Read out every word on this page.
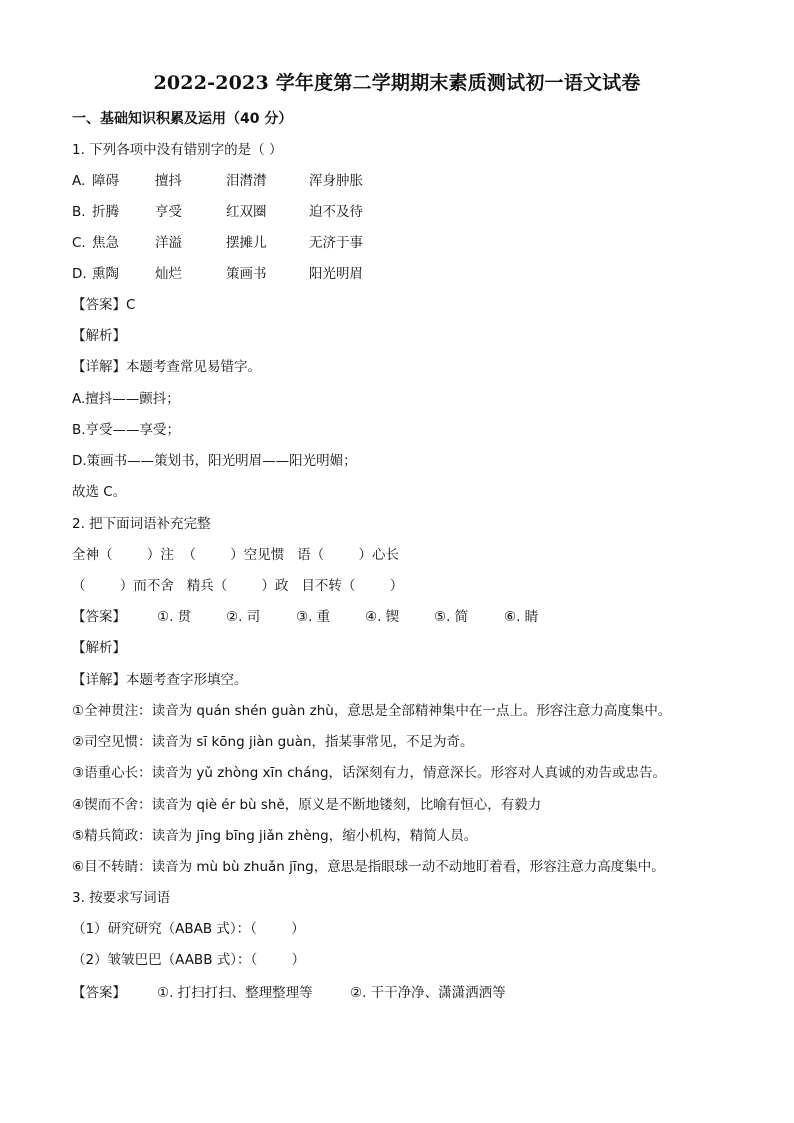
2022-2023 学年度第二学期期末素质测试初一语文试卷
一、基础知识积累及运用（40 分）
1. 下列各项中没有错别字的是（ ）
A. 障碍	擅抖	泪潸潸	浑身肿胀
B. 折腾	亨受	红双圈	迫不及待
C. 焦急	洋溢	摆摊儿	无济于事
D. 熏陶	灿烂	策画书	阳光明眉
【答案】C
【解析】
【详解】本题考查常见易错字。
A.擅抖——颤抖；
B.亨受——享受；
D.策画书——策划书，阳光明眉——阳光明媚；
故选 C。
2. 把下面词语补充完整
全神（        ）注  （        ）空见惯   语（        ）心长
（        ）而不舍   精兵（        ）政   目不转（        ）
【答案】 ①. 贯	②. 司	③. 重	④. 锲	⑤. 简	⑥. 睛
【解析】
【详解】本题考查字形填空。
①全神贯注：读音为 quán shén guàn zhù，意思是全部精神集中在一点上。形容注意力高度集中。
②司空见惯：读音为 sī kōng jiàn guàn，指某事常见，不足为奇。
③语重心长：读音为 yǔ zhòng xīn cháng，话深刻有力，情意深长。形容对人真诚的劝告或忠告。
④锲而不舍：读音为 qiè ér bù shě，原义是不断地镂刻，比喻有恒心，有毅力
⑤精兵简政：读音为 jīng bīng jiǎn zhèng，缩小机构，精简人员。
⑥目不转睛：读音为 mù bù zhuǎn jīng，意思是指眼球一动不动地盯着看，形容注意力高度集中。
3. 按要求写词语
（1）研究研究（ABAB 式）：（        ）
（2）皱皱巴巴（AABB 式）：（        ）
【答案】 ①. 打扫打扫、整理整理等	②. 干干净净、潇潇洒洒等
